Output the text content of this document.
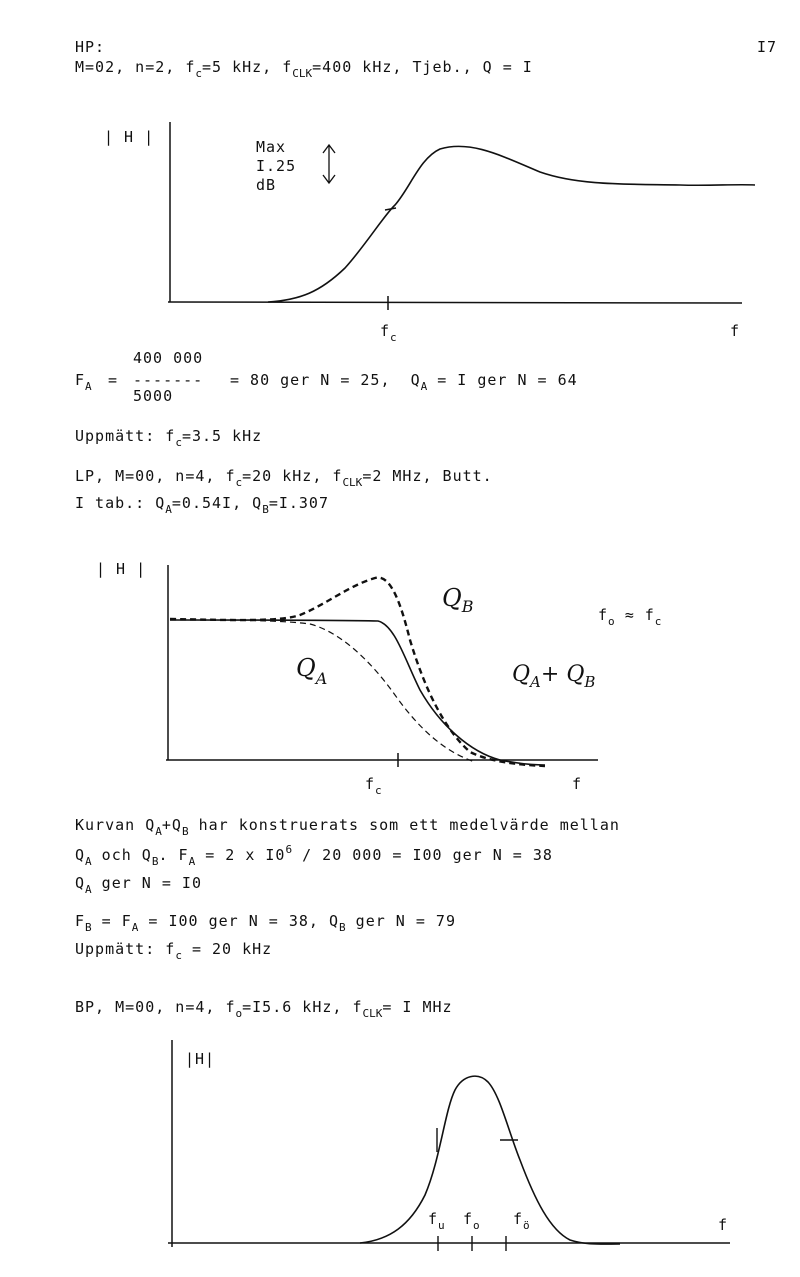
I7
HP:
M=02, n=2, $f_c=5$ kHz, $f_{CLK}=400$ kHz, Tjeb., Q = I
| H |
Max
I.25
dB
$f_c$	f
400 000
$F_A$ = ------- = 80 ger N = 25, $Q_A = I$ ger N = 64
5000
Uppmätt: $f_c=3.5$ kHz
LP, M=00, n=4, $f_c=20$ kHz, $f_{CLK}=2$ MHz, Butt.
I tab.: $Q_A=0.54I$, $Q_B=I.307$
| H |
$Q_B$
$Q_A$	$Q_A+ Q_B$
$f_o \approx f_c$
$f_c$	f
Kurvan $Q_A+Q_B$ har konstruerats som ett medelvärde mellan
$Q_A$ och $Q_B$. $F_A = 2$ x $I0^6 / 20$ 000 = I00 ger N = 38
$Q_A$ ger N = I0
$F_B = F_A = I00$ ger N = 38, $Q_B$ ger N = 79
Uppmätt: $f_c = 20$ kHz
BP, M=00, n=4, $f_o=I5.6$ kHz, $f_{CLK}= I$ MHz
|H|
$f_u$ $f_o$ $f_ö$	f
